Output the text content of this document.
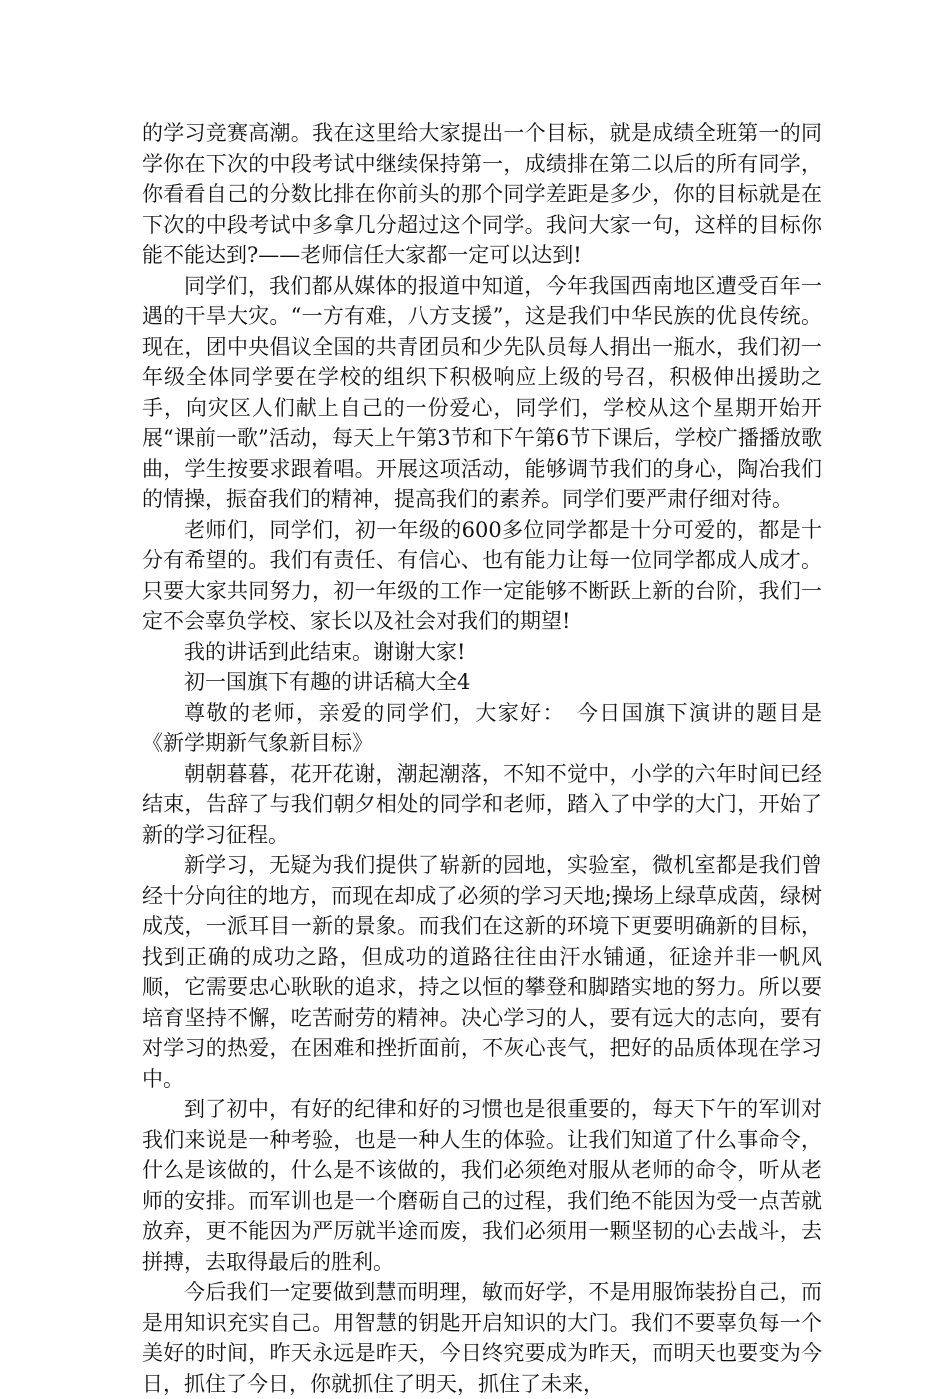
的学习竞赛高潮。我在这里给大家提出一个目标，就是成绩全班第一的同学你在下次的中段考试中继续保持第一，成绩排在第二以后的所有同学，你看看自己的分数比排在你前头的那个同学差距是多少，你的目标就是在下次的中段考试中多拿几分超过这个同学。我问大家一句，这样的目标你能不能达到?——老师信任大家都一定可以达到!

同学们，我们都从媒体的报道中知道，今年我国西南地区遭受百年一遇的干旱大灾。“一方有难，八方支援”，这是我们中华民族的优良传统。现在，团中央倡议全国的共青团员和少先队员每人捐出一瓶水，我们初一年级全体同学要在学校的组织下积极响应上级的号召，积极伸出援助之手，向灾区人们献上自己的一份爱心，同学们，学校从这个星期开始开展“课前一歌”活动，每天上午第3节和下午第6节下课后，学校广播播放歌曲，学生按要求跟着唱。开展这项活动，能够调节我们的身心，陶冶我们的情操，振奋我们的精神，提高我们的素养。同学们要严肃仔细对待。

老师们，同学们，初一年级的600多位同学都是十分可爱的，都是十分有希望的。我们有责任、有信心、也有能力让每一位同学都成人成才。只要大家共同努力，初一年级的工作一定能够不断跃上新的台阶，我们一定不会辜负学校、家长以及社会对我们的期望!

我的讲话到此结束。谢谢大家!

初一国旗下有趣的讲话稿大全4

尊敬的老师，亲爱的同学们，大家好：　今日国旗下演讲的题目是《新学期新气象新目标》

朝朝暮暮，花开花谢，潮起潮落，不知不觉中，小学的六年时间已经结束，告辞了与我们朝夕相处的同学和老师，踏入了中学的大门，开始了新的学习征程。

新学习，无疑为我们提供了崭新的园地，实验室，微机室都是我们曾经十分向往的地方，而现在却成了必须的学习天地;操场上绿草成茵，绿树成茂，一派耳目一新的景象。而我们在这新的环境下更要明确新的目标，找到正确的成功之路，但成功的道路往往由汗水铺通，征途并非一帆风顺，它需要忠心耿耿的追求，持之以恒的攀登和脚踏实地的努力。所以要培育坚持不懈，吃苦耐劳的精神。决心学习的人，要有远大的志向，要有对学习的热爱，在困难和挫折面前，不灰心丧气，把好的品质体现在学习中。

到了初中，有好的纪律和好的习惯也是很重要的，每天下午的军训对我们来说是一种考验，也是一种人生的体验。让我们知道了什么事命令，什么是该做的，什么是不该做的，我们必须绝对服从老师的命令，听从老师的安排。而军训也是一个磨砺自己的过程，我们绝不能因为受一点苦就放弃，更不能因为严厉就半途而废，我们必须用一颗坚韧的心去战斗，去拼搏，去取得最后的胜利。

今后我们一定要做到慧而明理，敏而好学，不是用服饰装扮自己，而是用知识充实自己。用智慧的钥匙开启知识的大门。我们不要辜负每一个美好的时间，昨天永远是昨天，今日终究要成为昨天，而明天也要变为今日，抓住了今日，你就抓住了明天，抓住了未来，
